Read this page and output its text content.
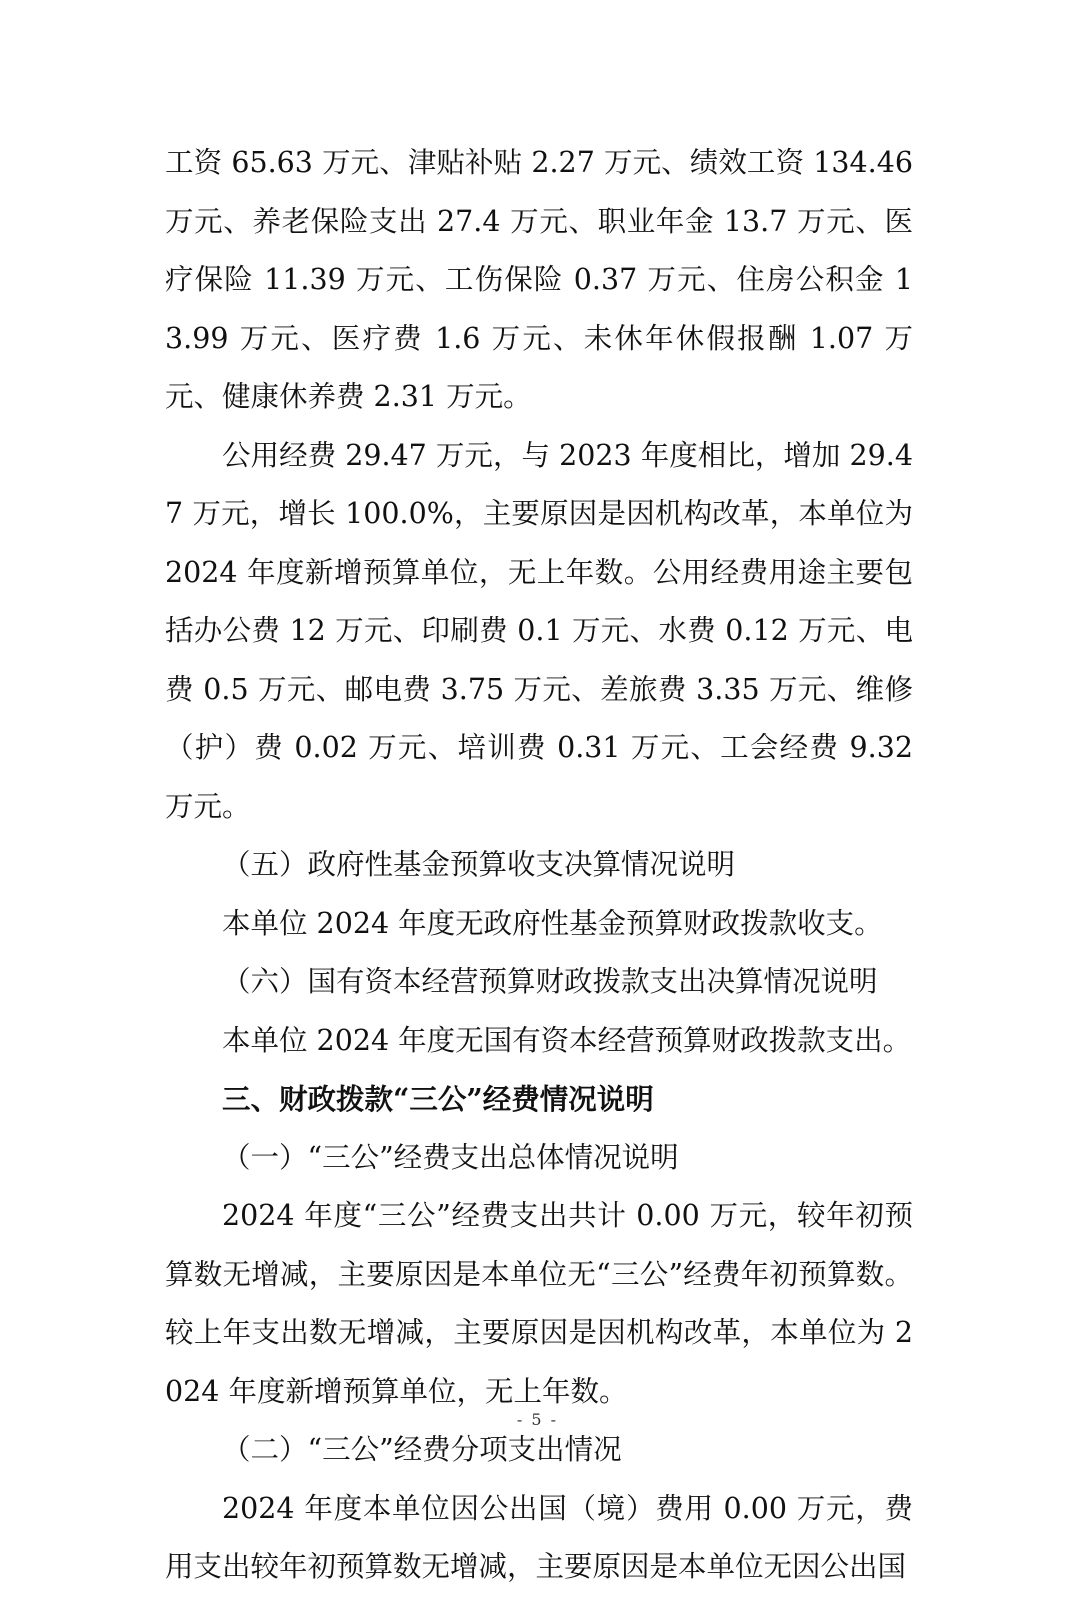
工资 65.63 万元、津贴补贴 2.27 万元、绩效工资 134.46 万元、养老保险支出 27.4 万元、职业年金 13.7 万元、医疗保险 11.39 万元、工伤保险 0.37 万元、住房公积金 13.99 万元、医疗费 1.6 万元、未休年休假报酬 1.07 万元、健康休养费 2.31 万元。

公用经费 29.47 万元，与 2023 年度相比，增加 29.47 万元，增长 100.0%，主要原因是因机构改革，本单位为 2024 年度新增预算单位，无上年数。公用经费用途主要包括办公费 12 万元、印刷费 0.1 万元、水费 0.12 万元、电费 0.5 万元、邮电费 3.75 万元、差旅费 3.35 万元、维修（护）费 0.02 万元、培训费 0.31 万元、工会经费 9.32 万元。

（五）政府性基金预算收支决算情况说明

本单位 2024 年度无政府性基金预算财政拨款收支。

（六）国有资本经营预算财政拨款支出决算情况说明

本单位 2024 年度无国有资本经营预算财政拨款支出。

三、财政拨款“三公”经费情况说明

（一）“三公”经费支出总体情况说明

2024 年度“三公”经费支出共计 0.00 万元，较年初预算数无增减，主要原因是本单位无“三公”经费年初预算数。较上年支出数无增减，主要原因是因机构改革，本单位为 2024 年度新增预算单位，无上年数。

（二）“三公”经费分项支出情况

2024 年度本单位因公出国（境）费用 0.00 万元，费用支出较年初预算数无增减，主要原因是本单位无因公出国

- 5 -
